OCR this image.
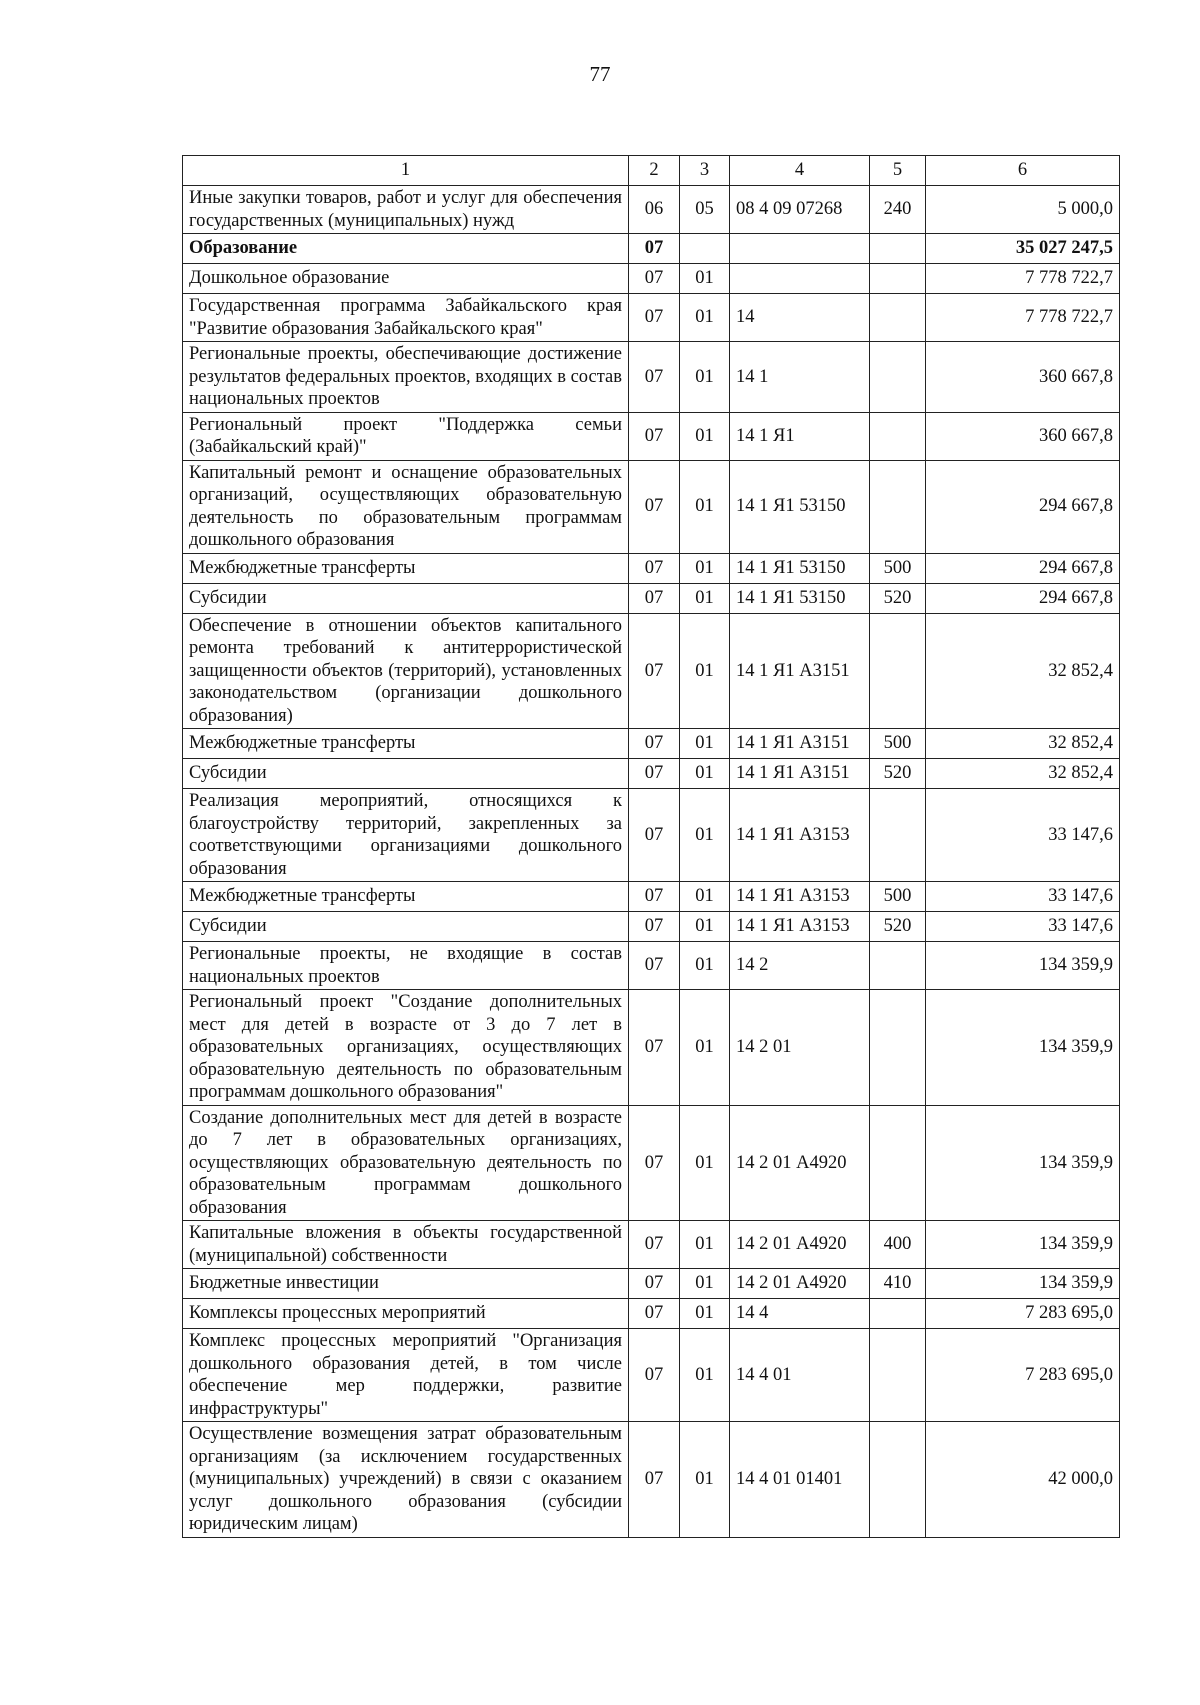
77
1	2	3	4	5	6
Иные закупки товаров, работ и услуг для обеспечения государственных (муниципальных) нужд	06	05	08 4 09 07268	240	5 000,0
Образование	07				35 027 247,5
Дошкольное образование	07	01			7 778 722,7
Государственная программа Забайкальского края "Развитие образования Забайкальского края"	07	01	14		7 778 722,7
Региональные проекты, обеспечивающие достижение результатов федеральных проектов, входящих в состав национальных проектов	07	01	14 1		360 667,8
Региональный проект "Поддержка семьи (Забайкальский край)"	07	01	14 1 Я1		360 667,8
Капитальный ремонт и оснащение образовательных организаций, осуществляющих образовательную деятельность по образовательным программам дошкольного образования	07	01	14 1 Я1 53150		294 667,8
Межбюджетные трансферты	07	01	14 1 Я1 53150	500	294 667,8
Субсидии	07	01	14 1 Я1 53150	520	294 667,8
Обеспечение в отношении объектов капитального ремонта требований к антитеррористической защищенности объектов (территорий), установленных законодательством (организации дошкольного образования)	07	01	14 1 Я1 А3151		32 852,4
Межбюджетные трансферты	07	01	14 1 Я1 А3151	500	32 852,4
Субсидии	07	01	14 1 Я1 А3151	520	32 852,4
Реализация мероприятий, относящихся к благоустройству территорий, закрепленных за соответствующими организациями дошкольного образования	07	01	14 1 Я1 А3153		33 147,6
Межбюджетные трансферты	07	01	14 1 Я1 А3153	500	33 147,6
Субсидии	07	01	14 1 Я1 А3153	520	33 147,6
Региональные проекты, не входящие в состав национальных проектов	07	01	14 2		134 359,9
Региональный проект "Создание дополнительных мест для детей в возрасте от 3 до 7 лет в образовательных организациях, осуществляющих образовательную деятельность по образовательным программам дошкольного образования"	07	01	14 2 01		134 359,9
Создание дополнительных мест для детей в возрасте до 7 лет в образовательных организациях, осуществляющих образовательную деятельность по образовательным программам дошкольного образования	07	01	14 2 01 А4920		134 359,9
Капитальные вложения в объекты государственной (муниципальной) собственности	07	01	14 2 01 А4920	400	134 359,9
Бюджетные инвестиции	07	01	14 2 01 А4920	410	134 359,9
Комплексы процессных мероприятий	07	01	14 4		7 283 695,0
Комплекс процессных мероприятий "Организация дошкольного образования детей, в том числе обеспечение мер поддержки, развитие инфраструктуры"	07	01	14 4 01		7 283 695,0
Осуществление возмещения затрат образовательным организациям (за исключением государственных (муниципальных) учреждений) в связи с оказанием услуг дошкольного образования (субсидии юридическим лицам)	07	01	14 4 01 01401		42 000,0
